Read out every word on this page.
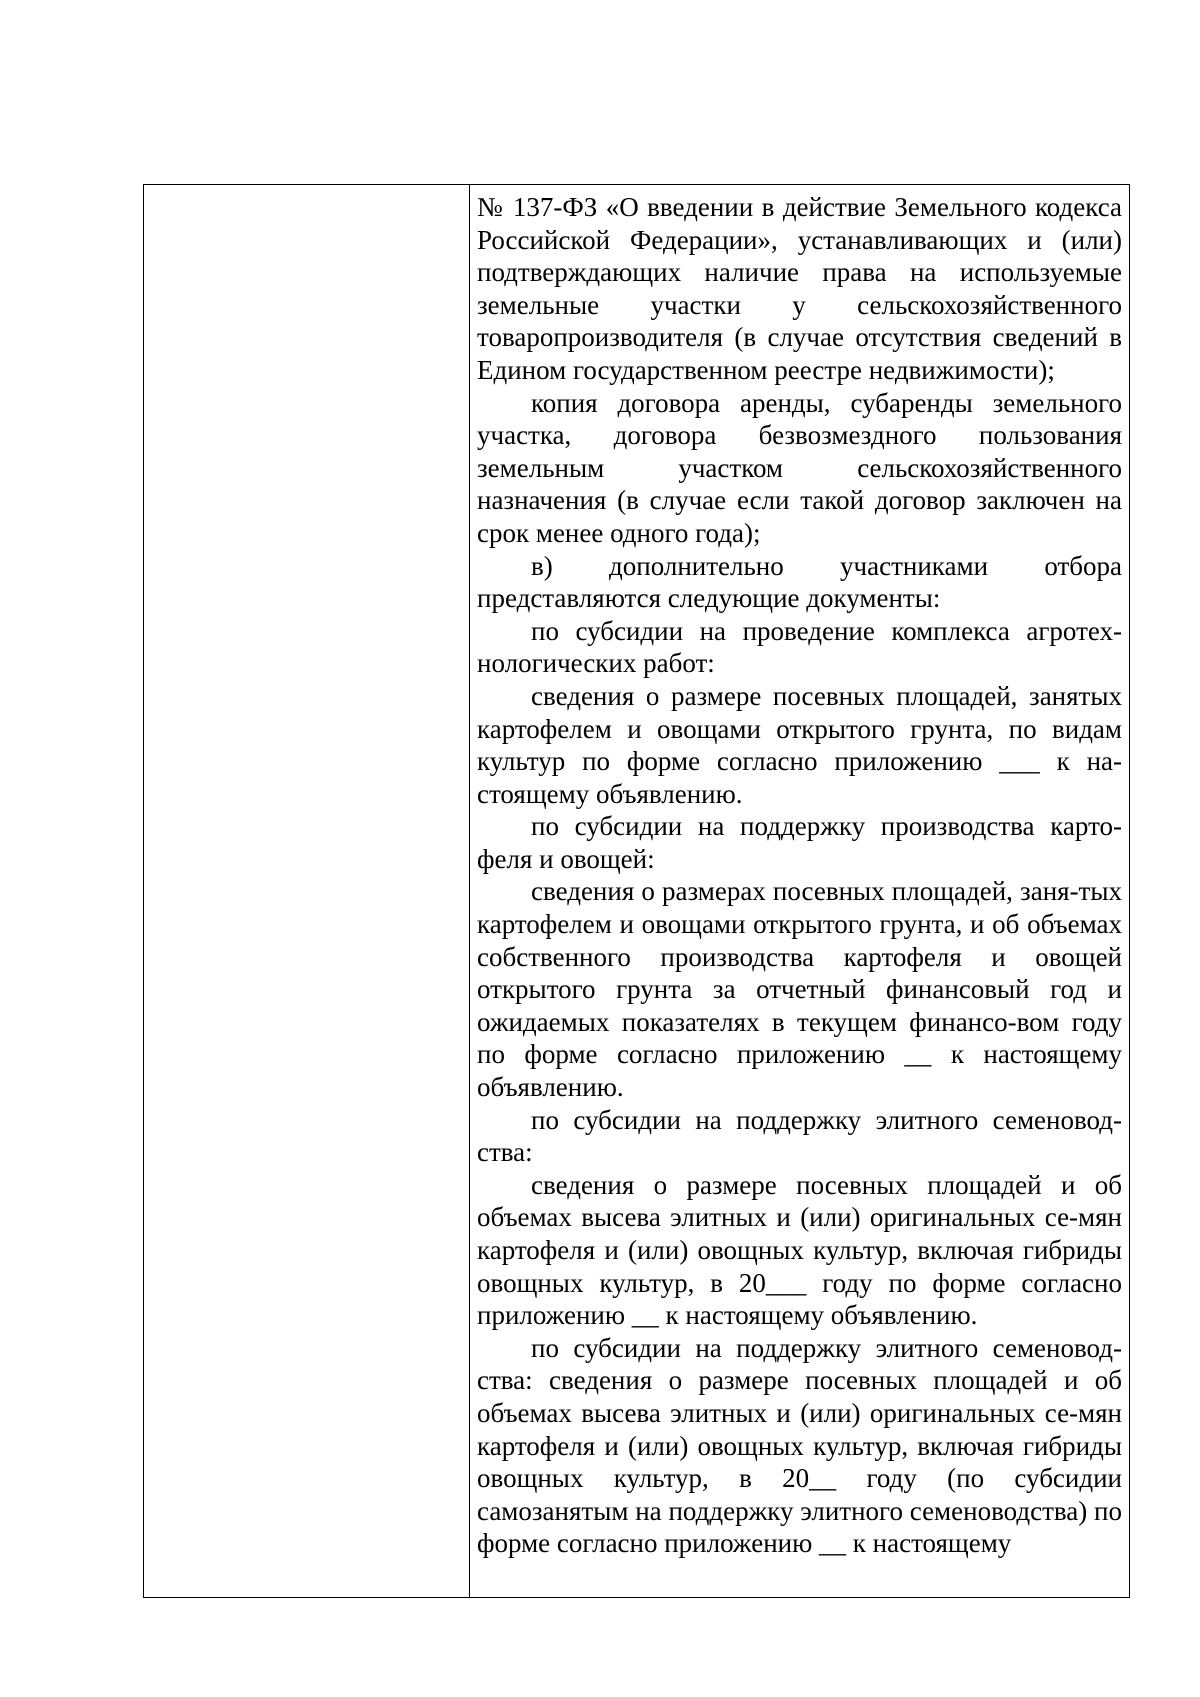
№ 137-ФЗ «О введении в действие Земельного кодекса Российской Федерации», устанавливающих и (или) подтверждающих наличие права на используемые земельные участки у сельскохозяйственного товаропроизводителя (в случае отсутствия сведений в Едином государственном реестре недвижимости);

копия договора аренды, субаренды земельного участка, договора безвозмездного пользования земельным участком сельскохозяйственного назначения (в случае если такой договор заключен на срок менее одного года);

в) дополнительно участниками отбора представляются следующие документы:

по субсидии на проведение комплекса агротех-нологических работ:

сведения о размере посевных площадей, занятых картофелем и овощами открытого грунта, по видам культур по форме согласно приложению ___ к на-стоящему объявлению.

по субсидии на поддержку производства карто-феля и овощей:

сведения о размерах посевных площадей, заня-тых картофелем и овощами открытого грунта, и об объемах собственного производства картофеля и овощей открытого грунта за отчетный финансовый год и ожидаемых показателях в текущем финансо-вом году по форме согласно приложению __ к настоящему объявлению.

по субсидии на поддержку элитного семеновод-ства:

сведения о размере посевных площадей и об объемах высева элитных и (или) оригинальных се-мян картофеля и (или) овощных культур, включая гибриды овощных культур, в 20___ году по форме согласно приложению __ к настоящему объявлению.

по субсидии на поддержку элитного семеновод-ства: сведения о размере посевных площадей и об объемах высева элитных и (или) оригинальных се-мян картофеля и (или) овощных культур, включая гибриды овощных культур, в 20__ году (по субсидии самозанятым на поддержку элитного семеноводства) по форме согласно приложению __ к настоящему
